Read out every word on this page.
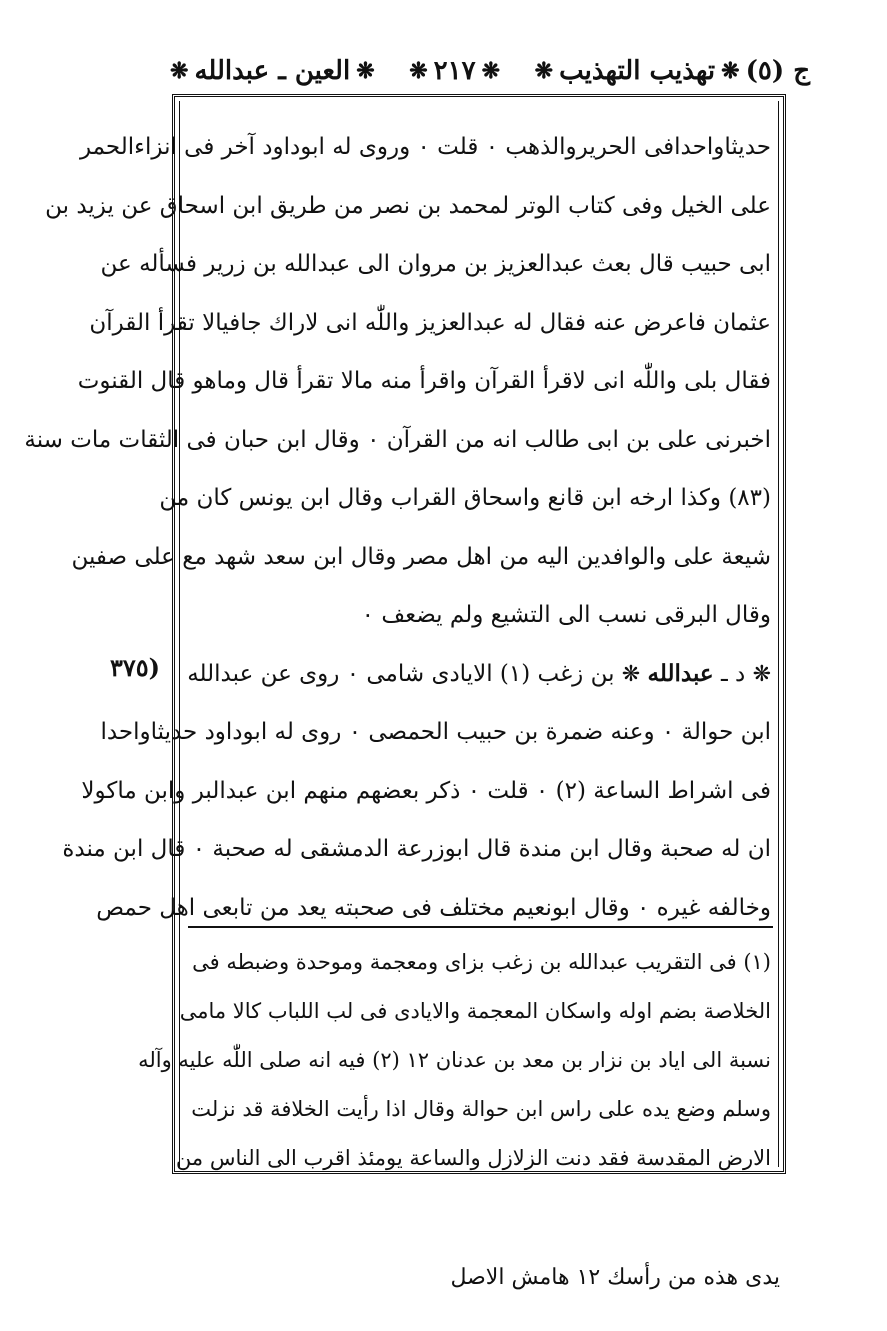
ج (٥)
❋
تهذيب التهذيب
❋
❋
٢١٧
❋
❋
العين ـ عبدالله
❋
(٣٧٥
حدیثاواحدافی الحریروالذهب ۰ قلت ۰ وروی له ابوداود آخر فی انزاءالحمر
علی الخیل وفی کتاب الوتر لمحمد بن نصر من طریق ابن اسحاق عن یزید بن
ابی حبیب قال بعث عبدالعزیز بن مروان الی عبدالله بن زریر فسأله عن
عثمان فاعرض عنه فقال له عبدالعزیز واللّٰه انی لاراك جافیالا تقرأ القرآن
فقال بلی واللّٰه انی لاقرأ القرآن واقرأ منه مالا تقرأ قال وماهو قال القنوت
اخبرنی علی بن ابی طالب انه من القرآن ۰ وقال ابن حبان فی الثقات مات سنة
(٨٣) وكذا ارخه ابن قانع واسحاق القراب وقال ابن یونس كان من
شیعة علی والوافدین الیه من اهل مصر وقال ابن سعد شهد مع علی صفین
وقال البرقی نسب الی التشیع ولم یضعف ۰
❋ د ـ عبدالله ❋ بن زغب (١) الایادی شامی ۰ روی عن عبدالله
ابن حوالة ۰ وعنه ضمرة بن حبیب الحمصی ۰ روی له ابوداود حدیثاواحدا
فی اشراط الساعة (٢) ۰ قلت ۰ ذكر بعضهم منهم ابن عبدالبر وابن ماكولا
ان له صحبة وقال ابن مندة قال ابوزرعة الدمشقی له صحبة ۰ قال ابن مندة
وخالفه غیره ۰ وقال ابونعیم مختلف فی صحبته یعد من تابعی اهل حمص
(١) فی التقریب عبدالله بن زغب بزای ومعجمة وموحدة وضبطه فی
الخلاصة بضم اوله واسكان المعجمة والایادی فی لب اللباب كالا مامی
نسبة الی ایاد بن نزار بن معد بن عدنان ١٢ (٢) فیه انه صلی اللّٰه علیه وآله
وسلم وضع یده علی راس ابن حوالة وقال اذا رأیت الخلافة قد نزلت
الارض المقدسة فقد دنت الزلازل والساعة یومئذ اقرب الی الناس من
یدی هذه من رأسك ١٢ هامش الاصل
